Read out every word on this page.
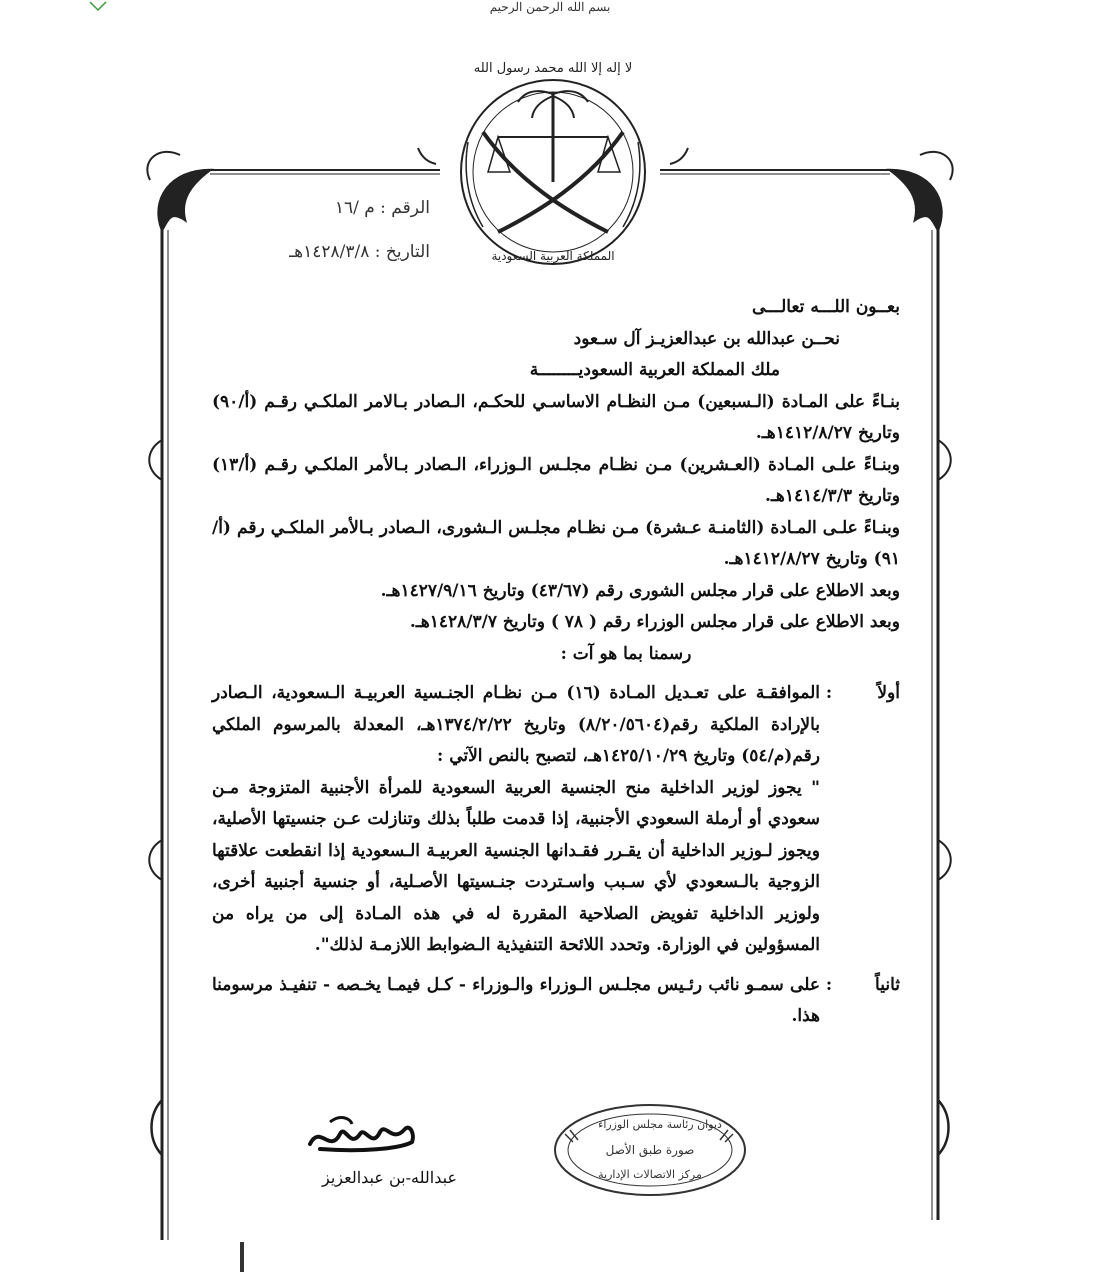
بسم الله الرحمن الرحيم
لا إله إلا الله محمد رسول الله
المملكة العربية السعودية
الرقم : م /١٦
التاريخ : ١٤٢٨/٣/٨هـ

بعــون اللـــه تعالـــى

نحــن عبدالله بن عبدالعزيـز آل سـعود

ملك المملكة العربية السعوديــــــــة

بنـاءً على المـادة (الـسبعين) مـن النظـام الاساسـي للحكـم، الـصادر بـالامر الملكـي رقـم (أ/٩٠) وتاريخ ١٤١٢/٨/٢٧هـ.

وبنـاءً علـى المـادة (العـشرين) مـن نظـام مجلـس الـوزراء، الـصادر بـالأمر الملكـي رقـم (أ/١٣) وتاريخ ١٤١٤/٣/٣هـ.

وبنـاءً علـى المـادة (الثامنـة عـشرة) مـن نظـام مجلـس الـشورى، الـصادر بـالأمر الملكـي رقم (أ/٩١) وتاريخ ١٤١٢/٨/٢٧هـ.

وبعد الاطلاع على قرار مجلس الشورى رقم (٤٣/٦٧) وتاريخ ١٤٢٧/٩/١٦هـ.

وبعد الاطلاع على قرار مجلس الوزراء رقم ( ٧٨ ) وتاريخ ١٤٢٨/٣/٧هـ.

رسمنا بما هو آت :

أولاً
:

الموافقـة على تعـديل المـادة (١٦) مـن نظـام الجنـسية العربيـة الـسعودية، الـصادر بالإرادة الملكية رقم(٨/٢٠/٥٦٠٤) وتاريخ ١٣٧٤/٢/٢٢هـ، المعدلة بالمرسوم الملكي رقم(م/٥٤) وتاريخ ١٤٢٥/١٠/٢٩هـ، لتصبح بالنص الآتي :

" يجوز لوزير الداخلية منح الجنسية العربية السعودية للمرأة الأجنبية المتزوجة مـن سعودي أو أرملة السعودي الأجنبية، إذا قدمت طلباً بذلك وتنازلت عـن جنسيتها الأصلية، ويجوز لـوزير الداخلية أن يقـرر فقـدانها الجنسية العربيـة الـسعودية إذا انقطعت علاقتها الزوجية بالـسعودي لأي سـبب واسـتردت جنـسيتها الأصـلية، أو جنسية أجنبية أخرى، ولوزير الداخلية تفويض الصلاحية المقررة له في هذه المـادة إلى من يراه من المسؤولين في الوزارة. وتحدد اللائحة التنفيذية الـضوابط اللازمـة لذلك".

ثانياً
:

على سمـو نائب رئـيس مجلـس الـوزراء والـوزراء - كـل فيمـا يخـصه - تنفيـذ مرسومنا هذا.

عبدالله-بن عبدالعزيز
ديوان رئاسة مجلس الوزراء
صورة طبق الأصل
مركز الاتصالات الإدارية
